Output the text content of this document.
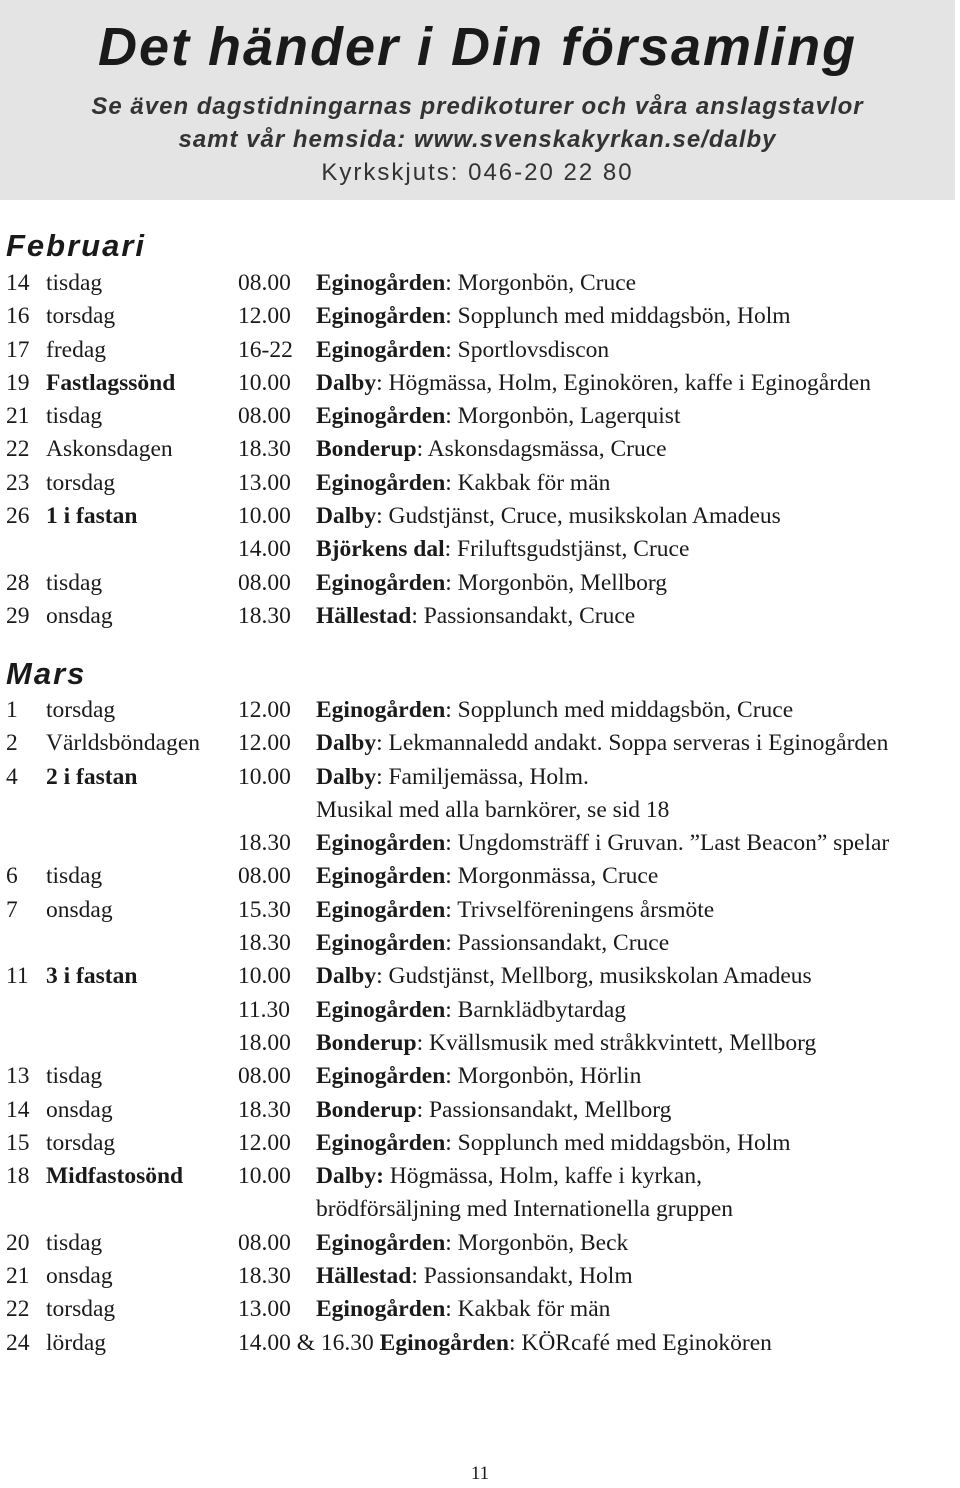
Det händer i Din församling
Se även dagstidningarnas predikoturer och våra anslagstavlor
samt vår hemsida: www.svenskakyrkan.se/dalby
Kyrkskjuts: 046-20 22 80
Februari
14 tisdag	08.00 Eginogården: Morgonbön, Cruce
16 torsdag	12.00 Eginogården: Sopplunch med middagsbön, Holm
17 fredag	16-22 Eginogården: Sportlovsdiscon
19 Fastlagssönd	10.00 Dalby: Högmässa, Holm, Eginokören, kaffe i Eginogården
21 tisdag	08.00 Eginogården: Morgonbön, Lagerquist
22 Askonsdagen	18.30 Bonderup: Askonsdagsmässa, Cruce
23 torsdag	13.00 Eginogården: Kakbak för män
26 1 i fastan	10.00 Dalby: Gudstjänst, Cruce, musikskolan Amadeus
14.00 Björkens dal: Friluftsgudstjänst, Cruce
28 tisdag	08.00 Eginogården: Morgonbön, Mellborg
29 onsdag	18.30 Hällestad: Passionsandakt, Cruce
Mars
1 torsdag	12.00 Eginogården: Sopplunch med middagsbön, Cruce
2 Världsböndagen 12.00 Dalby: Lekmannaledd andakt. Soppa serveras i Eginogården
4 2 i fastan	10.00 Dalby: Familjemässa, Holm.
Musikal med alla barnkörer, se sid 18
18.30 Eginogården: Ungdomsträff i Gruvan. ”Last Beacon” spelar
6 tisdag	08.00 Eginogården: Morgonmässa, Cruce
7 onsdag	15.30 Eginogården: Trivselföreningens årsmöte
18.30 Eginogården: Passionsandakt, Cruce
11 3 i fastan	10.00 Dalby: Gudstjänst, Mellborg, musikskolan Amadeus
11.30 Eginogården: Barnklädbytardag
18.00 Bonderup: Kvällsmusik med stråkkvintett, Mellborg
13 tisdag	08.00 Eginogården: Morgonbön, Hörlin
14 onsdag	18.30 Bonderup: Passionsandakt, Mellborg
15 torsdag	12.00 Eginogården: Sopplunch med middagsbön, Holm
18 Midfastosönd 10.00 Dalby: Högmässa, Holm, kaffe i kyrkan,
brödförsäljning med Internationella gruppen
20 tisdag	08.00 Eginogården: Morgonbön, Beck
21 onsdag	18.30 Hällestad: Passionsandakt, Holm
22 torsdag	13.00 Eginogården: Kakbak för män
24 lördag	14.00 & 16.30 Eginogården: KÖRcafé med Eginokören
11
